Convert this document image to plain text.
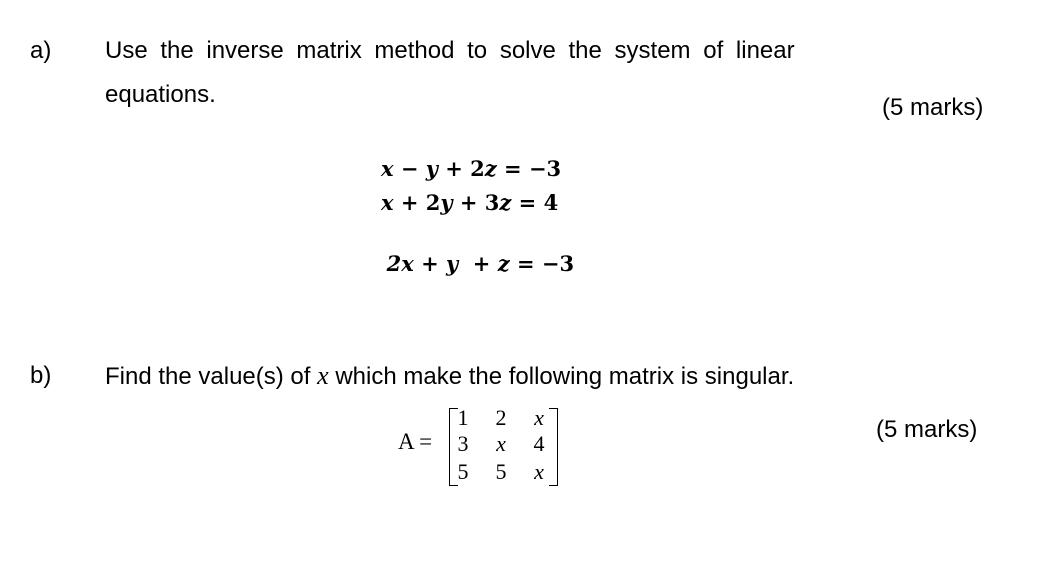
a) Use the inverse matrix method to solve the system of linear
equations.	(5 marks)
x − y + 2z = −3
x + 2y + 3z = 4

2x + y  + z = −3

b) Find the value(s) of x which make the following matrix is singular.
(5 marks)
A =
1 2	x
3	x	4
5 5	x
